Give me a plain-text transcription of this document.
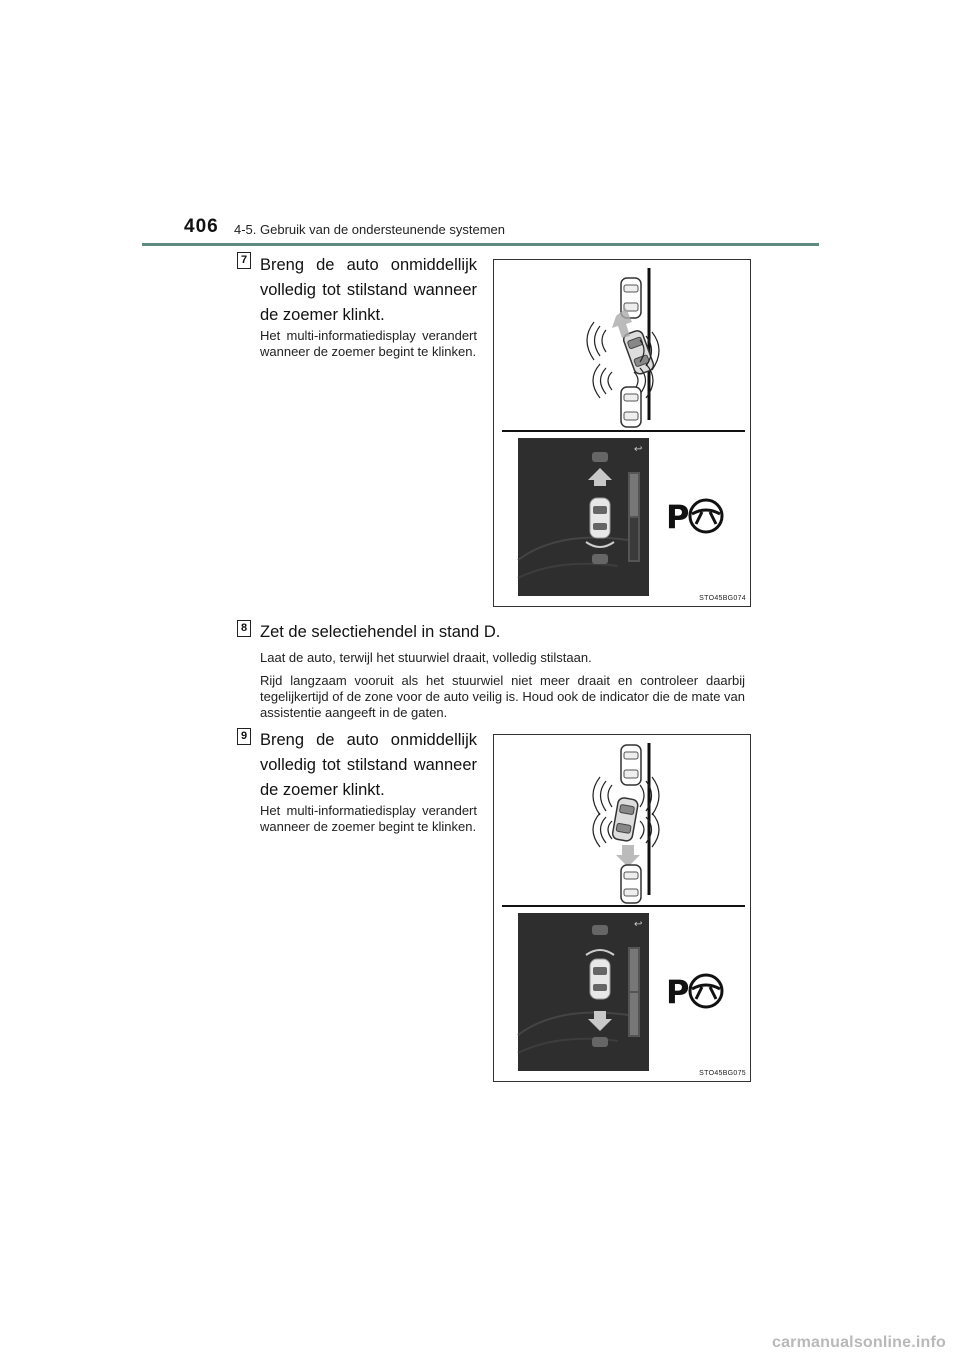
406 4-5. Gebruik van de ondersteunende systemen
7 Breng de auto onmiddellijk volledig tot stilstand wanneer de zoemer klinkt.
Het multi-informatiedisplay verandert wanneer de zoemer begint te klinken.
↩
P
STO45BG074
8 Zet de selectiehendel in stand D.
Laat de auto, terwijl het stuurwiel draait, volledig stilstaan.
Rijd langzaam vooruit als het stuurwiel niet meer draait en controleer daarbij tegelijkertijd of de zone voor de auto veilig is. Houd ook de indicator die de mate van assistentie aangeeft in de gaten.
9 Breng de auto onmiddellijk volledig tot stilstand wanneer de zoemer klinkt.
Het multi-informatiedisplay verandert wanneer de zoemer begint te klinken.
↩
P
STO45BG075
carmanualsonline.info
